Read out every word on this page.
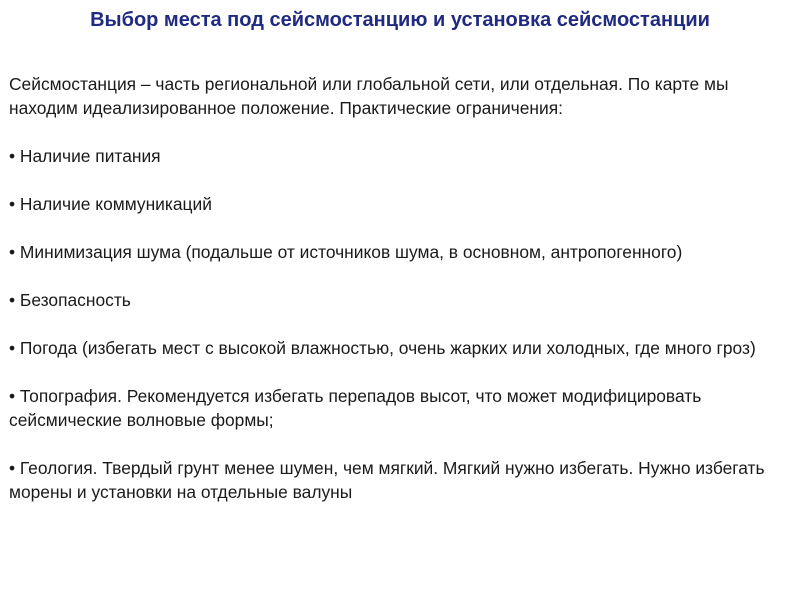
Выбор места под сейсмостанцию и установка сейсмостанции

Сейсмостанция – часть региональной или глобальной сети, или отдельная. По карте мы находим идеализированное положение. Практические ограничения:

• Наличие питания

• Наличие коммуникаций

• Минимизация шума (подальше от источников шума, в основном, антропогенного)

• Безопасность

• Погода (избегать мест с высокой влажностью, очень жарких или холодных, где много гроз)

• Топография. Рекомендуется избегать перепадов высот, что может модифицировать сейсмические волновые формы;

• Геология. Твердый грунт менее шумен, чем мягкий. Мягкий нужно избегать. Нужно избегать морены и установки на отдельные валуны
